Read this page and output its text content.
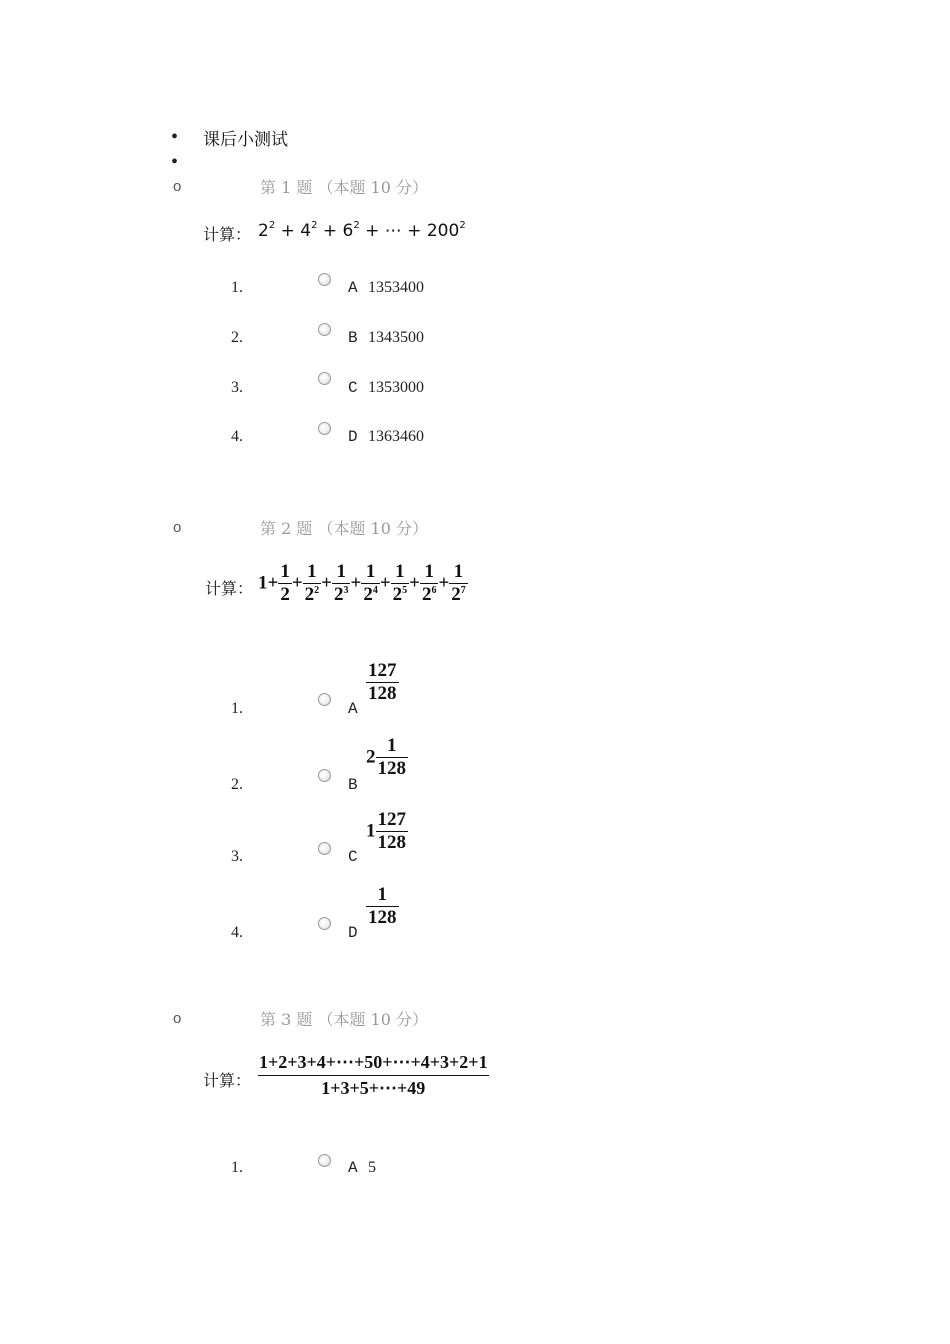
• 课后小测试
•
o	第 1 题 （本题 10 分）
计算： $2^2 + 4^2 + 6^2$ + ⋯ + $200^2$
1.	A 1353400
2.	B 1343500
3.	C 1353000
4.	D 1363460
o	第 2 题 （本题 10 分）
计算： $1+ \frac{1}{2} + \frac{1}{2^2} + \frac{1}{2^3} + \frac{1}{2^4} + \frac{1}{2^5} + \frac{1}{2^6} + \frac{1}{2^7}$
1.	A
$\frac{127}{128}$
2.	B
$2 \frac{1}{128}$
3.	C
$1 \frac{127}{128}$
4.	D
$\frac{1}{128}$
o	第 3 题 （本题 10 分）
计算： $\frac{1+2+3+4+\cdots+50+\cdots+4+3+2+1}{1+3+5+\cdots+49}$
1.	A 5
